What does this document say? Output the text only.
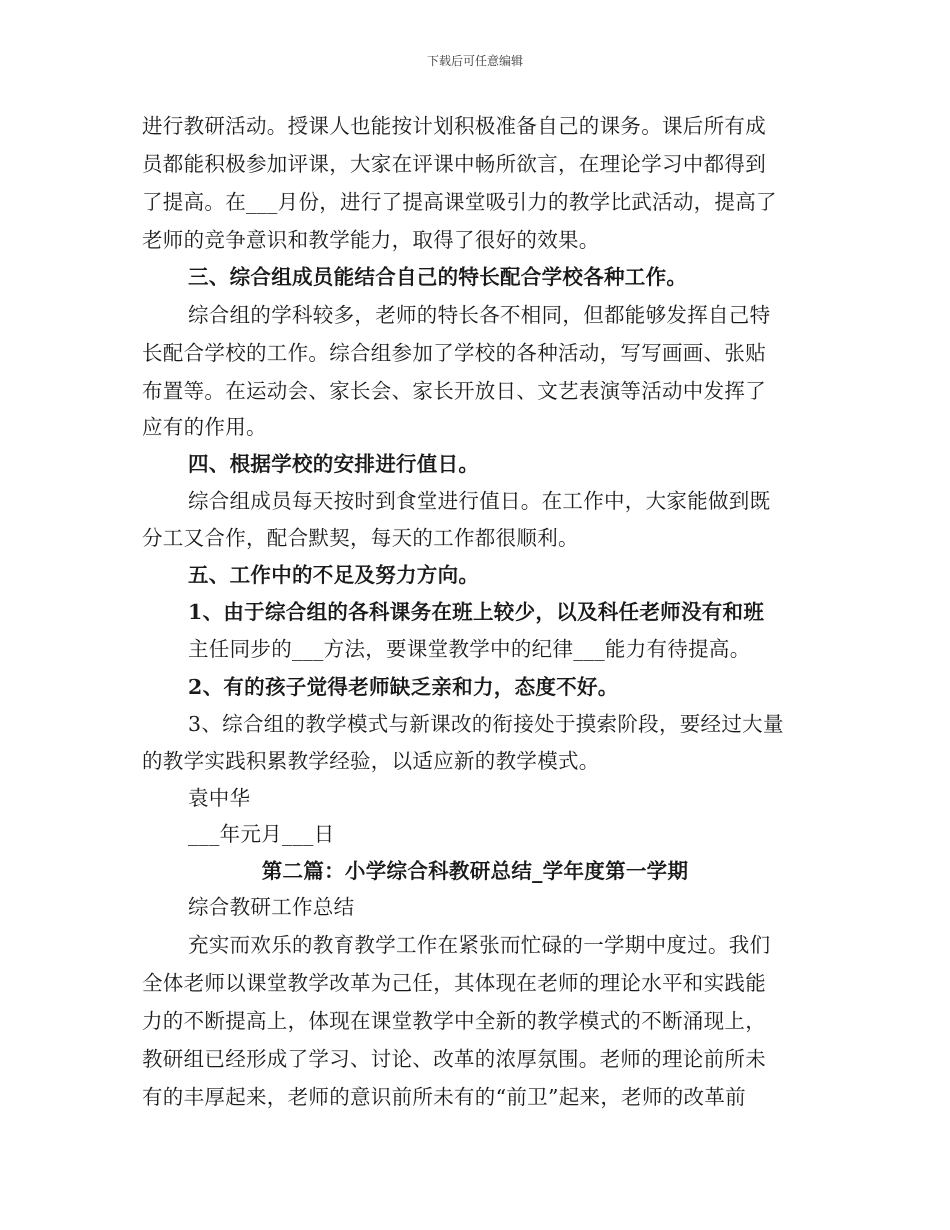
下载后可任意编辑

进行教研活动。授课人也能按计划积极准备自己的课务。课后所有成

员都能积极参加评课，大家在评课中畅所欲言，在理论学习中都得到

了提高。在___月份，进行了提高课堂吸引力的教学比武活动，提高了

老师的竞争意识和教学能力，取得了很好的效果。

三、综合组成员能结合自己的特长配合学校各种工作。

综合组的学科较多，老师的特长各不相同，但都能够发挥自己特

长配合学校的工作。综合组参加了学校的各种活动，写写画画、张贴

布置等。在运动会、家长会、家长开放日、文艺表演等活动中发挥了

应有的作用。

四、根据学校的安排进行值日。

综合组成员每天按时到食堂进行值日。在工作中，大家能做到既

分工又合作，配合默契，每天的工作都很顺利。

五、工作中的不足及努力方向。

1、由于综合组的各科课务在班上较少，以及科任老师没有和班

主任同步的___方法，要课堂教学中的纪律___能力有待提高。

2、有的孩子觉得老师缺乏亲和力，态度不好。

3、综合组的教学模式与新课改的衔接处于摸索阶段，要经过大量

的教学实践积累教学经验，以适应新的教学模式。

袁中华

___年元月___日

第二篇：小学综合科教研总结_学年度第一学期

综合教研工作总结

充实而欢乐的教育教学工作在紧张而忙碌的一学期中度过。我们

全体老师以课堂教学改革为己任，其体现在老师的理论水平和实践能

力的不断提高上，体现在课堂教学中全新的教学模式的不断涌现上，

教研组已经形成了学习、讨论、改革的浓厚氛围。老师的理论前所未

有的丰厚起来，老师的意识前所未有的“前卫”起来，老师的改革前
